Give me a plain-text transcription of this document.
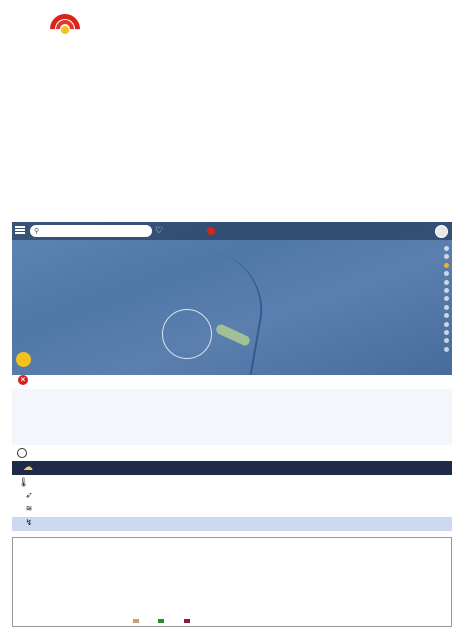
⚲	♡
×
☁
🌡
➶
≋
↯
